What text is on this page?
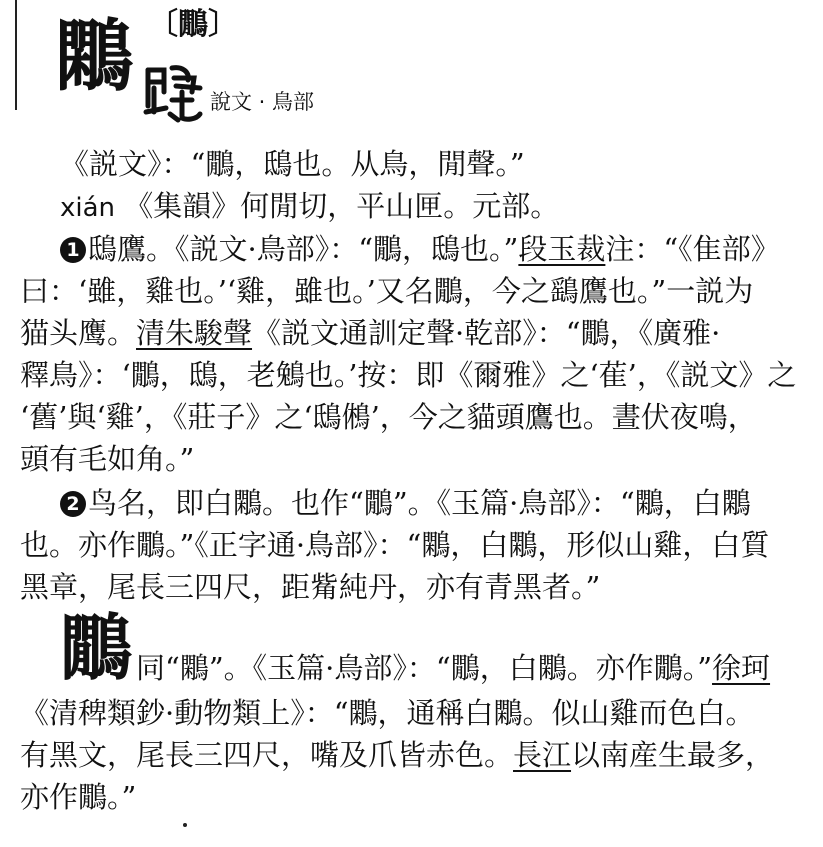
鷴 〔鷳〕
說文 · 鳥部
《説文》：“鷳，鴟也。从鳥，閒聲。”
xián 《集韻》何閒切，平山匣。元部。
1 鴟鷹。《説文·鳥部》：“鷳，鴟也。”段玉裁注：“《隹部》
曰：‘雖，雞也。’‘雞，雖也。’又名鷳，今之鷂鷹也。”一説为
猫头鹰。清朱駿聲《説文通訓定聲·乾部》：“鷳，《廣雅·
釋鳥》：‘鷳，鴟，老鵵也。’按：即《爾雅》之‘萑’，《説文》之
‘舊’與‘雞’，《莊子》之‘鴟鵂’，今之貓頭鷹也。晝伏夜鳴，
頭有毛如角。”
2 鸟名，即白鷴。也作“鷳”。《玉篇·鳥部》：“鷴，白鷴
也。亦作鷳。”《正字通·鳥部》：“鷴，白鷴，形似山雞，白質
黑章，尾長三四尺，距觜純丹，亦有青黑者。”
鷳 同“鷴”。《玉篇·鳥部》：“鷳，白鷴。亦作鷳。”徐珂
《清稗類鈔·動物類上》：“鷴，通稱白鷴。似山雞而色白。
有黑文，尾長三四尺，嘴及爪皆赤色。長江以南産生最多，
亦作鷳。”
